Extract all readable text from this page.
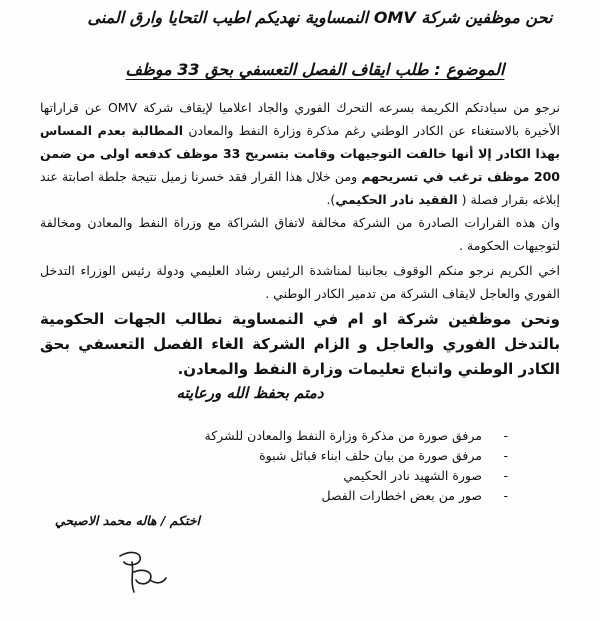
نحن موظفين شركة OMV النمساوية نهديكم اطيب التحايا وارق المنى
الموضوع : طلب ايقاف الفصل التعسفي بحق 33 موظف
نرجو من سيادتكم الكريمة بسرعه التحرك الفوري والجاد اعلاميا لإيقاف شركة OMV عن قراراتها الأخيرة بالاستغناء عن الكادر الوطني رغم مذكرة وزارة النفط والمعادن المطالبة بعدم المساس بهذا الكادر إلا أنها خالفت التوجيهات وقامت بتسريح 33 موظف كدفعه اولى من ضمن 200 موظف ترغب في تسريحهم ومن خلال هذا القرار فقد خسرنا زميل نتيجة جلطة اصابتة عند إبلاغه بقرار فصلة ( الفقيد نادر الحكيمي).
وان هذه القرارات الصادرة من الشركة مخالفة لاتفاق الشراكة مع وزراة النفط والمعادن ومخالفة لتوجيهات الحكومة .
اخي الكريم نرجو منكم الوقوف بجانبنا لمناشدة الرئيس رشاد العليمي ودولة رئيس الوزراء التدخل الفوري والعاجل لايقاف الشركة من تدمير الكادر الوطني .
ونحن موظفين شركة او ام في النمساوية نطالب الجهات الحكومية بالتدخل الفوري والعاجل و الزام الشركة الغاء الفصل التعسفي بحق الكادر الوطني واتباع تعليمات وزارة النفط والمعادن.
دمتم بحفظ الله ورعايته
-
مرفق صورة من مذكرة وزارة النفط والمعادن للشركة
-
مرفق صورة من بيان حلف ابناء قبائل شبوة
-
صورة الشهيد نادر الحكيمي
-
صور من بعض اخطارات الفصل
اختكم / هاله محمد الاصبحي
